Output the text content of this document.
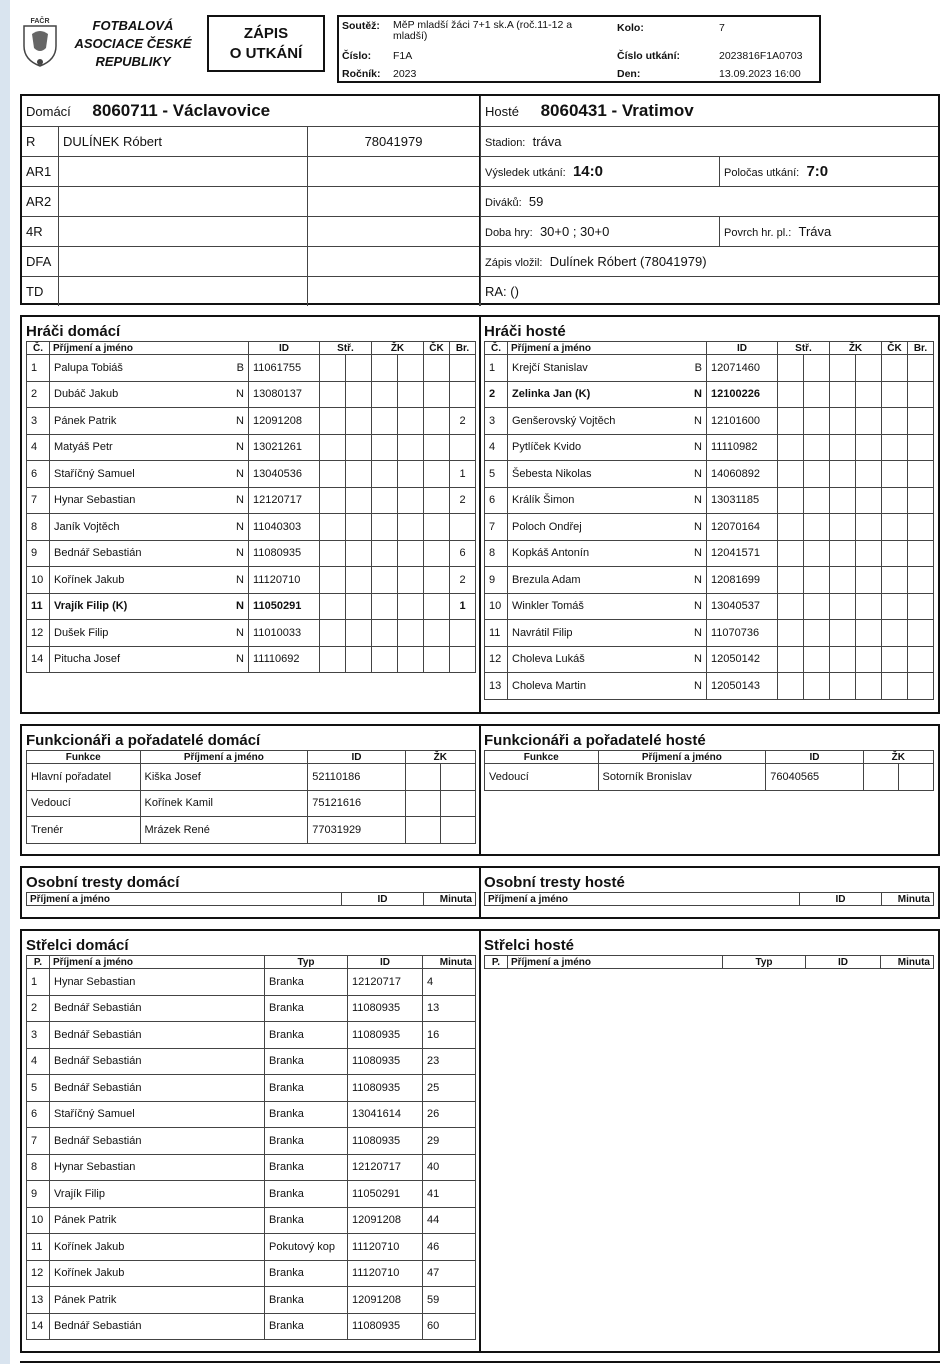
FAČR	FOTBALOVÁ
ASOCIACE ČESKÉ
REPUBLIKY
ZÁPIS
O UTKÁNÍ
Soutěž: MěP mladší žáci 7+1 sk.A (roč.11-12 a mladší)
Číslo: F1A
Ročník: 2023
Kolo:	7
Číslo utkání:	2023816F1A0703
Den:	13.09.2023 16:00
Domácí 8060711 - Václavovice		
R	DULÍNEK Róbert	78041979
AR1		
AR2		
4R		
DFA		
TD		
Hosté 8060431 - Vratimov	
Stadion: tráva	
Výsledek utkání: 14:0	Poločas utkání: 7:0
Diváků: 59	
Doba hry: 30+0 ; 30+0	Povrch hr. pl.: Tráva
Zápis vložil: Dulínek Róbert (78041979)	
RA: ()	
Hráči domácí
Č.	Příjmení a jméno		ID	Stř.		ŽK		ČK	Br.
1	Palupa Tobiáš	B	11061755						
2	Dubáč Jakub	N	13080137						
3	Pánek Patrik	N	12091208						2
4	Matyáš Petr	N	13021261						
6	Staříčný Samuel	N	13040536						1
7	Hynar Sebastian	N	12120717						2
8	Janík Vojtěch	N	11040303						
9	Bednář Sebastián	N	11080935						6
10	Kořínek Jakub	N	11120710						2
11	Vrajík Filip (K)	N	11050291						1
12	Dušek Filip	N	11010033						
14	Pitucha Josef	N	11110692						
Hráči hosté
Č.	Příjmení a jméno		ID	Stř.		ŽK		ČK	Br.
1	Krejčí Stanislav	B	12071460						
2	Zelinka Jan (K)	N	12100226						
3	Genšerovský Vojtěch	N	12101600						
4	Pytlíček Kvido	N	11110982						
5	Šebesta Nikolas	N	14060892						
6	Králík Šimon	N	13031185						
7	Poloch Ondřej	N	12070164						
8	Kopkáš Antonín	N	12041571						
9	Brezula Adam	N	12081699						
10	Winkler Tomáš	N	13040537						
11	Navrátil Filip	N	11070736						
12	Choleva Lukáš	N	12050142						
13	Choleva Martin	N	12050143						
Funkcionáři a pořadatelé domácí
Funkce	Příjmení a jméno	ID	ŽK	
Hlavní pořadatel	Kiška Josef	52110186		
Vedoucí	Kořínek Kamil	75121616		
Trenér	Mrázek René	77031929		
Funkcionáři a pořadatelé hosté
Funkce	Příjmení a jméno	ID	ŽK	
Vedoucí	Sotorník Bronislav	76040565		
Osobní tresty domácí
Příjmení a jméno	ID	Minuta
Osobní tresty hosté
Příjmení a jméno	ID	Minuta
Střelci domácí
P.	Příjmení a jméno	Typ	ID	Minuta
1	Hynar Sebastian	Branka	12120717	4
2	Bednář Sebastián	Branka	11080935	13
3	Bednář Sebastián	Branka	11080935	16
4	Bednář Sebastián	Branka	11080935	23
5	Bednář Sebastián	Branka	11080935	25
6	Staříčný Samuel	Branka	13041614	26
7	Bednář Sebastián	Branka	11080935	29
8	Hynar Sebastian	Branka	12120717	40
9	Vrajík Filip	Branka	11050291	41
10	Pánek Patrik	Branka	12091208	44
11	Kořínek Jakub	Pokutový kop	11120710	46
12	Kořínek Jakub	Branka	11120710	47
13	Pánek Patrik	Branka	12091208	59
14	Bednář Sebastián	Branka	11080935	60
Střelci hosté
P.	Příjmení a jméno	Typ	ID	Minuta
